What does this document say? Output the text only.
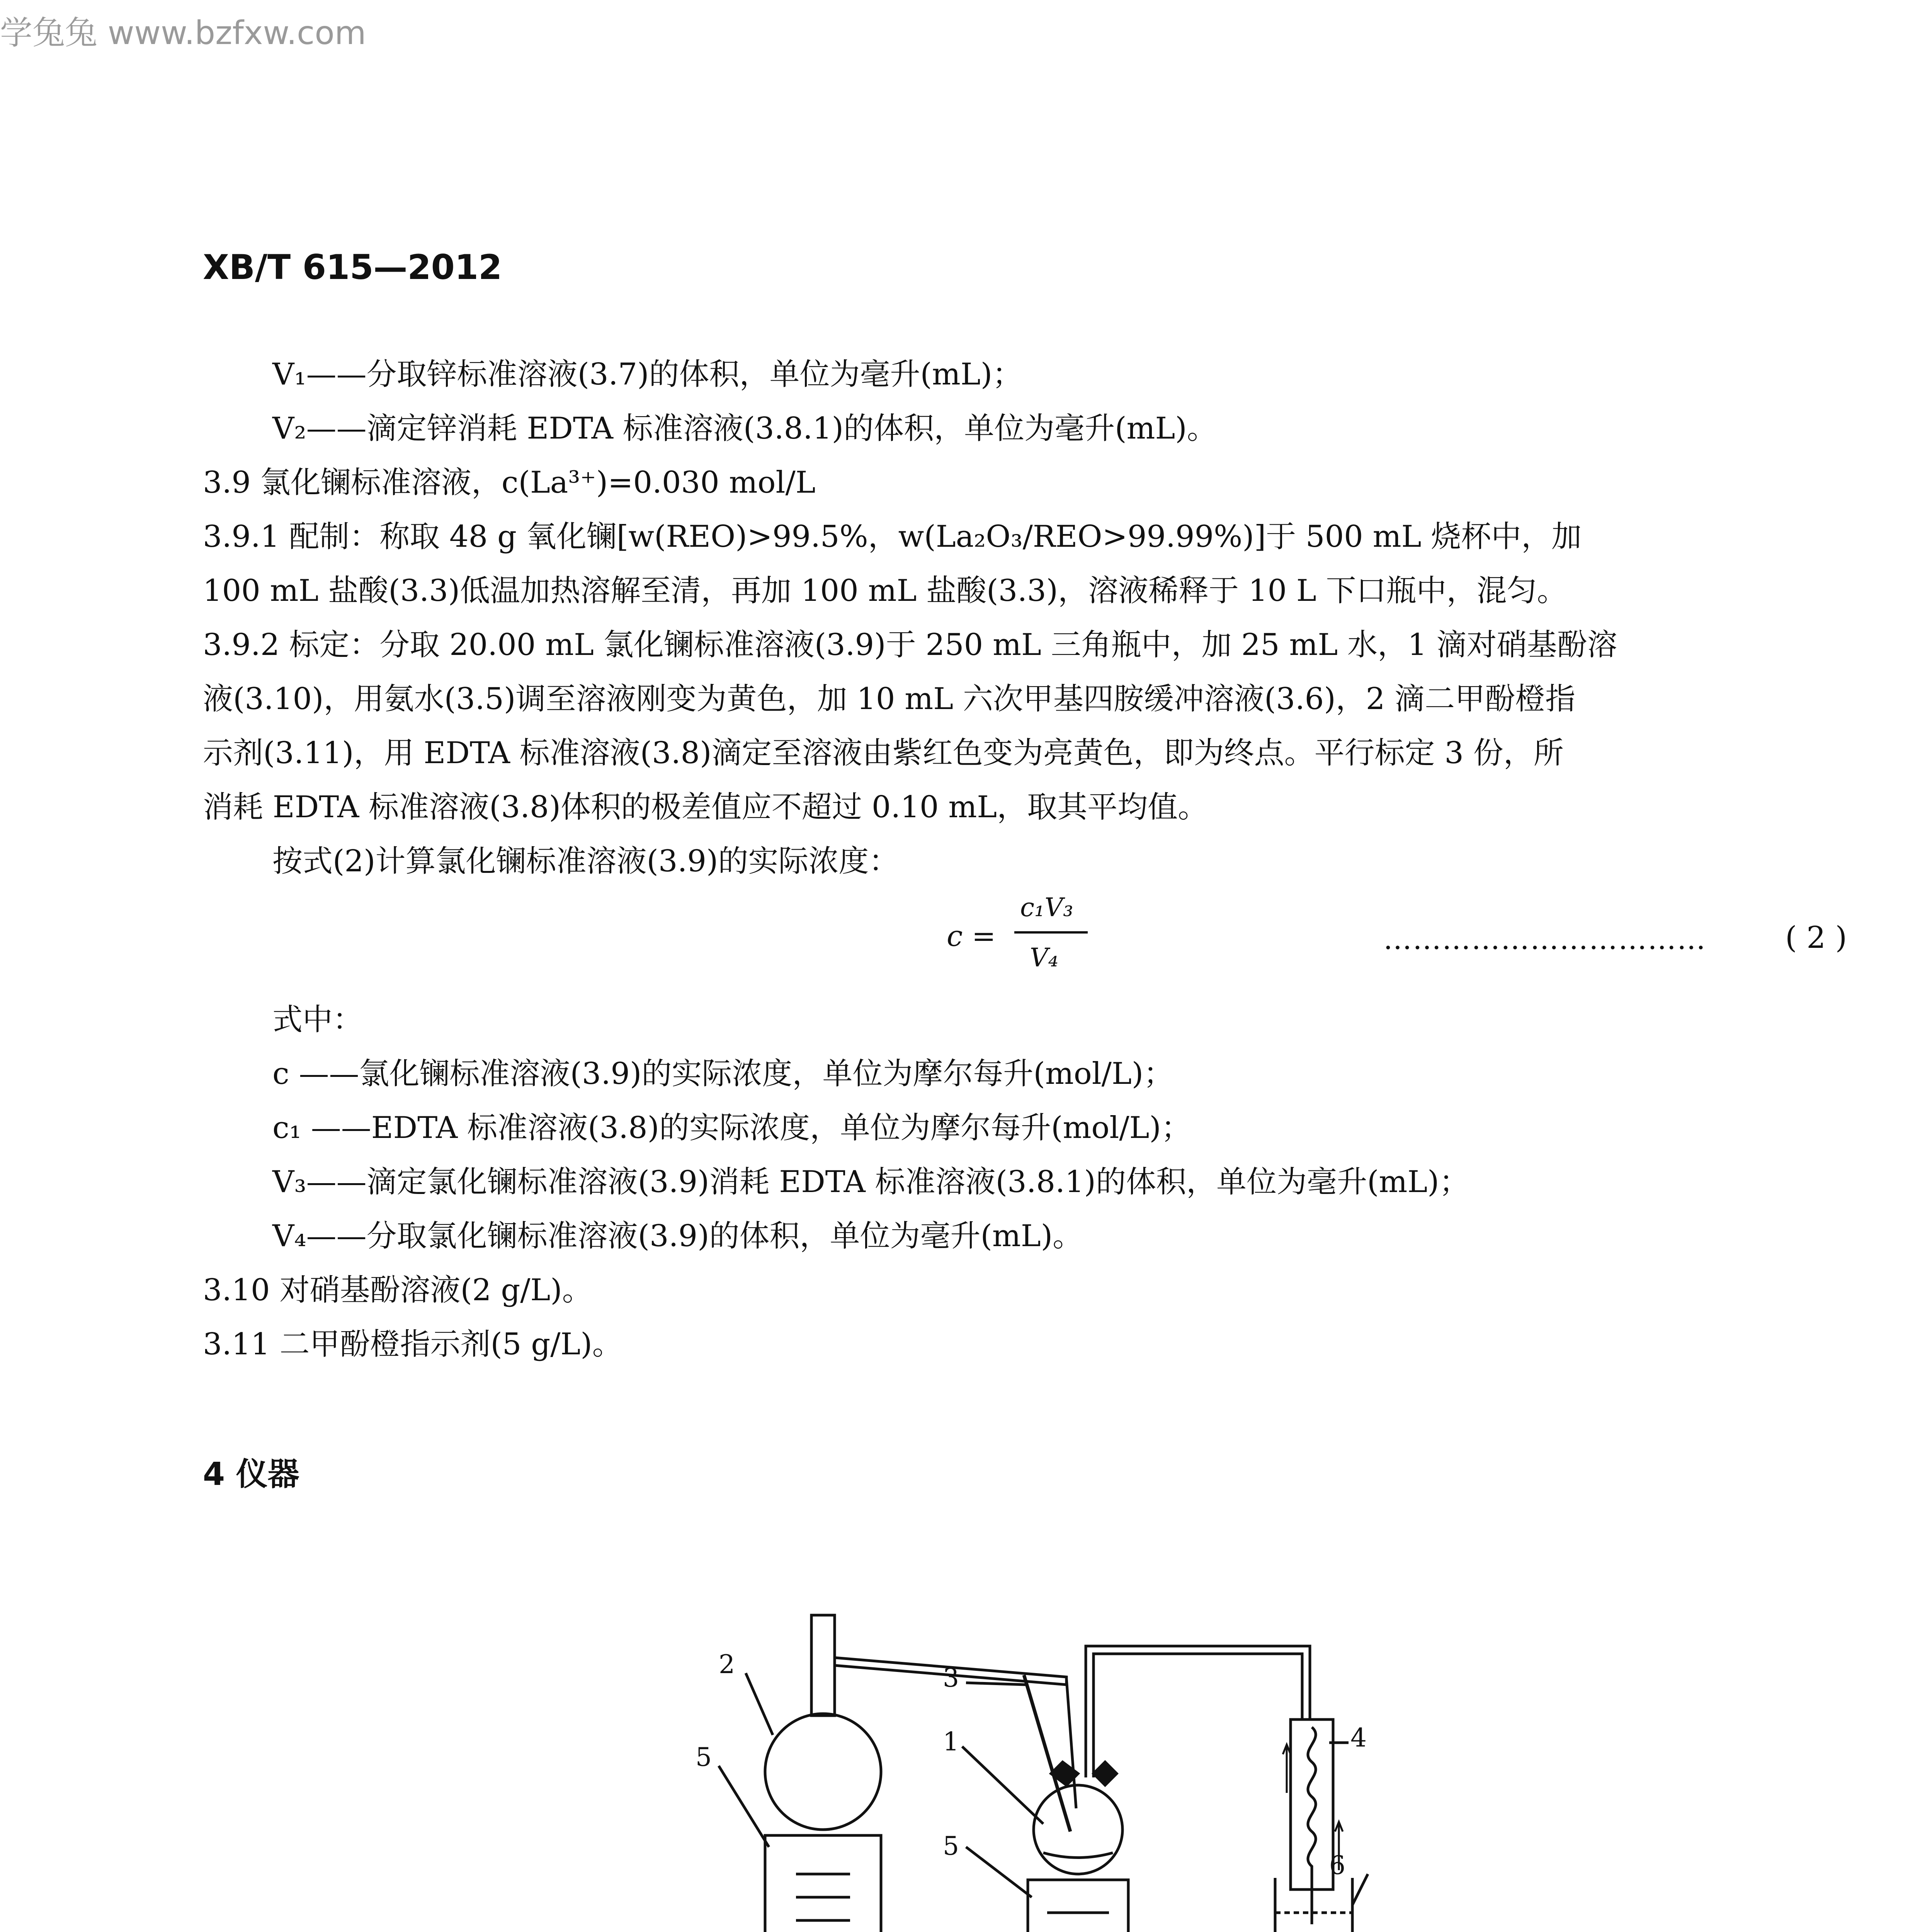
学兔兔 www.bzfxw.com
XB/T 615—2012
V₁——分取锌标准溶液(3.7)的体积，单位为毫升(mL)；
V₂——滴定锌消耗 EDTA 标准溶液(3.8.1)的体积，单位为毫升(mL)。
3.9 氯化镧标准溶液，c(La³⁺)=0.030 mol/L
3.9.1 配制：称取 48 g 氧化镧[w(REO)>99.5%，w(La₂O₃/REO>99.99%)]于 500 mL 烧杯中，加
100 mL 盐酸(3.3)低温加热溶解至清，再加 100 mL 盐酸(3.3)，溶液稀释于 10 L 下口瓶中，混匀。
3.9.2 标定：分取 20.00 mL 氯化镧标准溶液(3.9)于 250 mL 三角瓶中，加 25 mL 水，1 滴对硝基酚溶
液(3.10)，用氨水(3.5)调至溶液刚变为黄色，加 10 mL 六次甲基四胺缓冲溶液(3.6)，2 滴二甲酚橙指
示剂(3.11)，用 EDTA 标准溶液(3.8)滴定至溶液由紫红色变为亮黄色，即为终点。平行标定 3 份，所
消耗 EDTA 标准溶液(3.8)体积的极差值应不超过 0.10 mL，取其平均值。
按式(2)计算氯化镧标准溶液(3.9)的实际浓度：
c =
c₁V₃
V₄
……………………………	( 2 )
式中：
c ——氯化镧标准溶液(3.9)的实际浓度，单位为摩尔每升(mol/L)；
c₁ ——EDTA 标准溶液(3.8)的实际浓度，单位为摩尔每升(mol/L)；
V₃——滴定氯化镧标准溶液(3.9)消耗 EDTA 标准溶液(3.8.1)的体积，单位为毫升(mL)；
V₄——分取氯化镧标准溶液(3.9)的体积，单位为毫升(mL)。
3.10 对硝基酚溶液(2 g/L)。
3.11 二甲酚橙指示剂(5 g/L)。
4 仪器
2
5
3
1
5
4
6
